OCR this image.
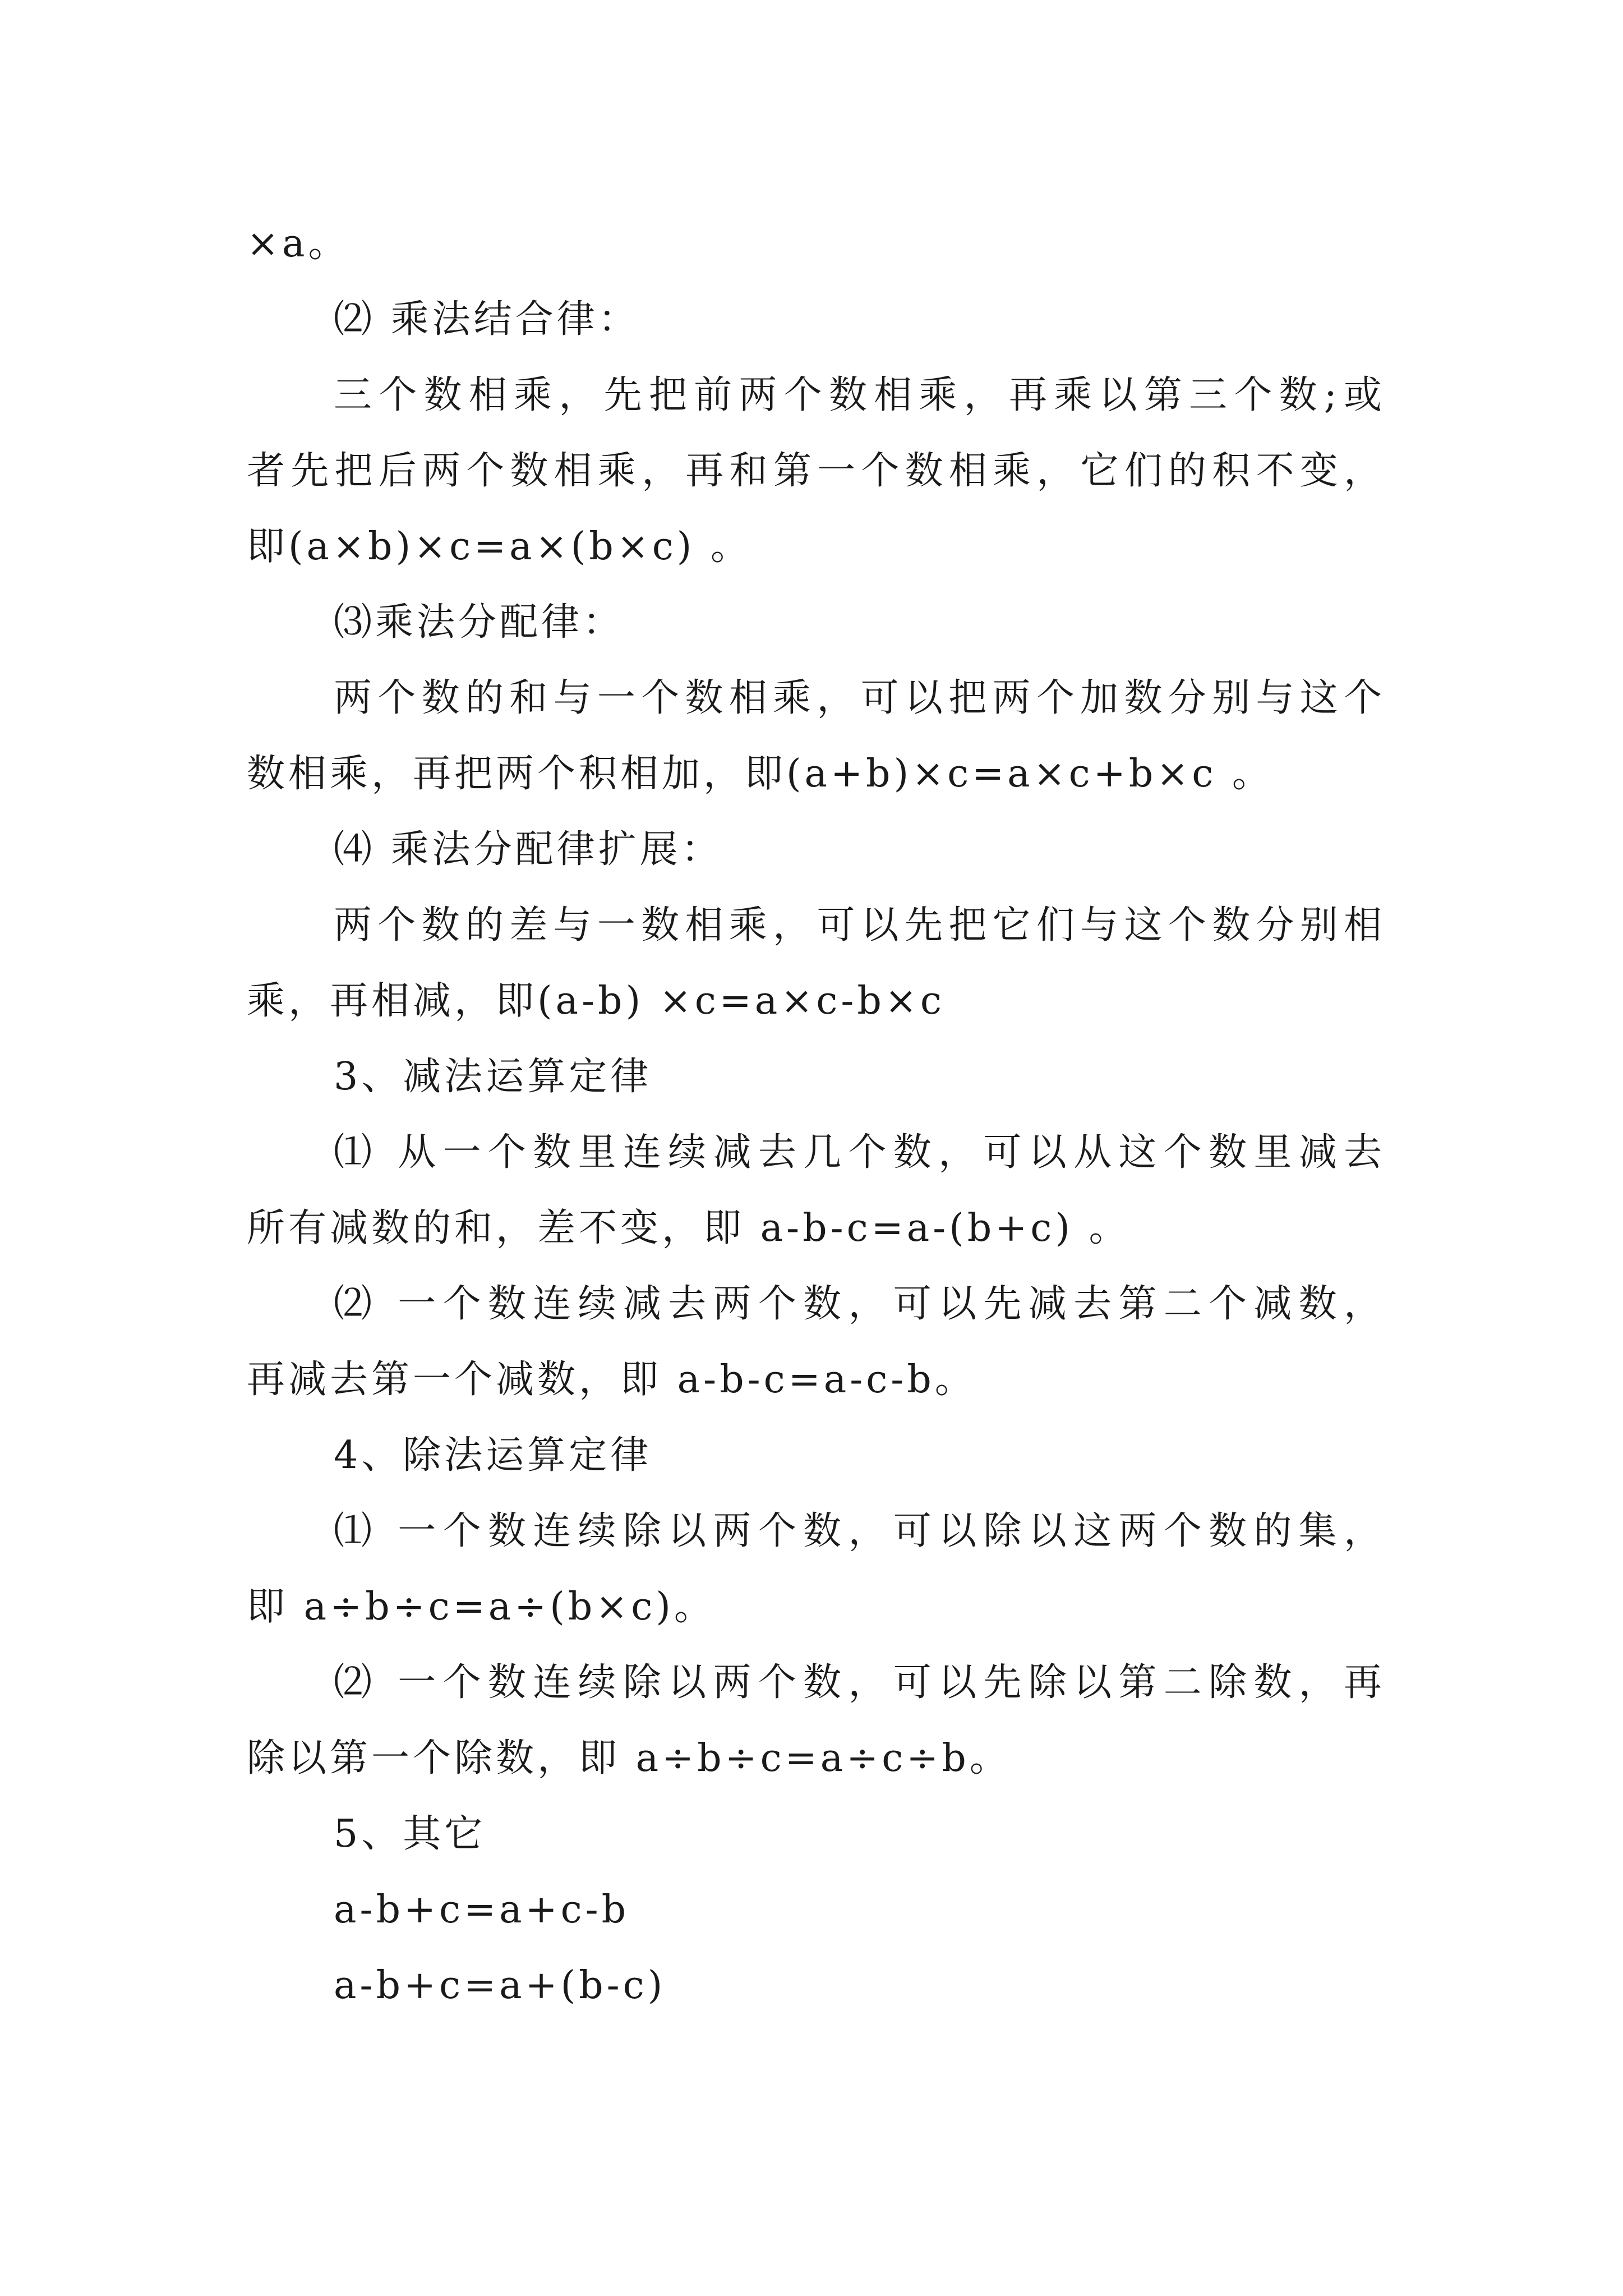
×a。
⑵ 乘法结合律：
三个数相乘，先把前两个数相乘，再乘以第三个数;或
者先把后两个数相乘，再和第一个数相乘，它们的积不变，
即(a×b)×c=a×(b×c) 。
⑶乘法分配律：
两个数的和与一个数相乘，可以把两个加数分别与这个
数相乘，再把两个积相加，即(a+b)×c=a×c+b×c 。
⑷ 乘法分配律扩展：
两个数的差与一数相乘，可以先把它们与这个数分别相
乘，再相减，即(a-b) ×c=a×c-b×c
3、减法运算定律
⑴ 从一个数里连续减去几个数，可以从这个数里减去
所有减数的和，差不变，即 a-b-c=a-(b+c) 。
⑵ 一个数连续减去两个数，可以先减去第二个减数，
再减去第一个减数，即 a-b-c=a-c-b。
4、除法运算定律
⑴ 一个数连续除以两个数，可以除以这两个数的集，
即 a÷b÷c=a÷(b×c)。
⑵ 一个数连续除以两个数，可以先除以第二除数，再
除以第一个除数，即 a÷b÷c=a÷c÷b。
5、其它
a-b+c=a+c-b
a-b+c=a+(b-c)
